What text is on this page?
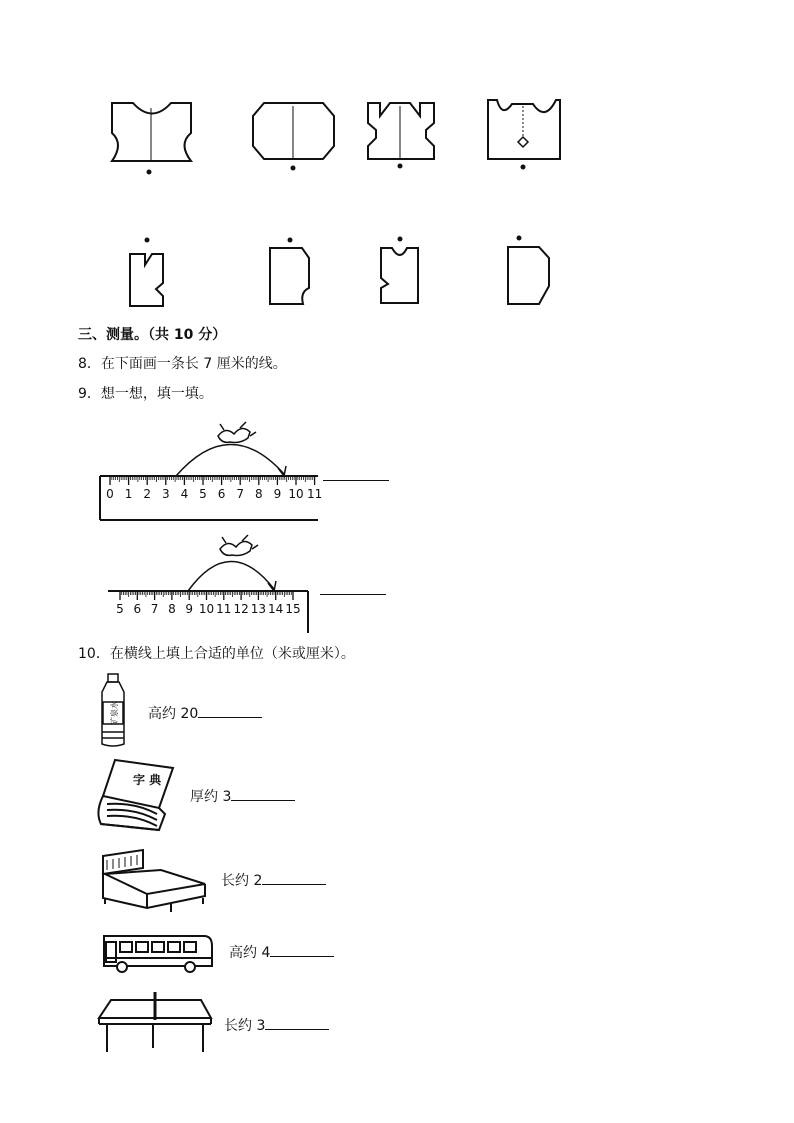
三、测量。（共 10 分）
8．在下面画一条长 7 厘米的线。
9．想一想，填一填。
0 1 2 3 4 5 6 7 8 9 10 11
5 6 7 8 9 10 11 12 13 14 15
10．在横线上填上合适的单位（米或厘米）。
矿泉水 高约 20
字 典
厚约 3
长约 2
高约 4
长约 3
